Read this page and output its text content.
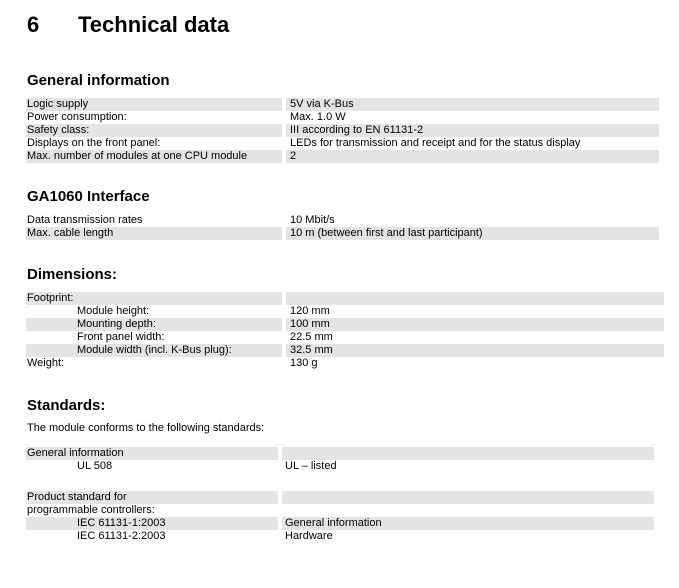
6 Technical data
General information
Logic supply	5V via K-Bus
Power consumption:	Max. 1.0 W
Safety class:	III according to EN 61131-2
Displays on the front panel:	LEDs for transmission and receipt and for the status display
Max. number of modules at one CPU module	2
GA1060 Interface
Data transmission rates	10 Mbit/s
Max. cable length	10 m (between first and last participant)
Dimensions:
Footprint:
Module height:	120 mm
Mounting depth:	100 mm
Front panel width:	22.5 mm
Module width (incl. K-Bus plug):	32.5 mm
Weight:	130 g
Standards:
The module conforms to the following standards:
General information
UL 508	UL – listed
Product standard for
programmable controllers:
IEC 61131-1:2003	General information
IEC 61131-2:2003	Hardware
